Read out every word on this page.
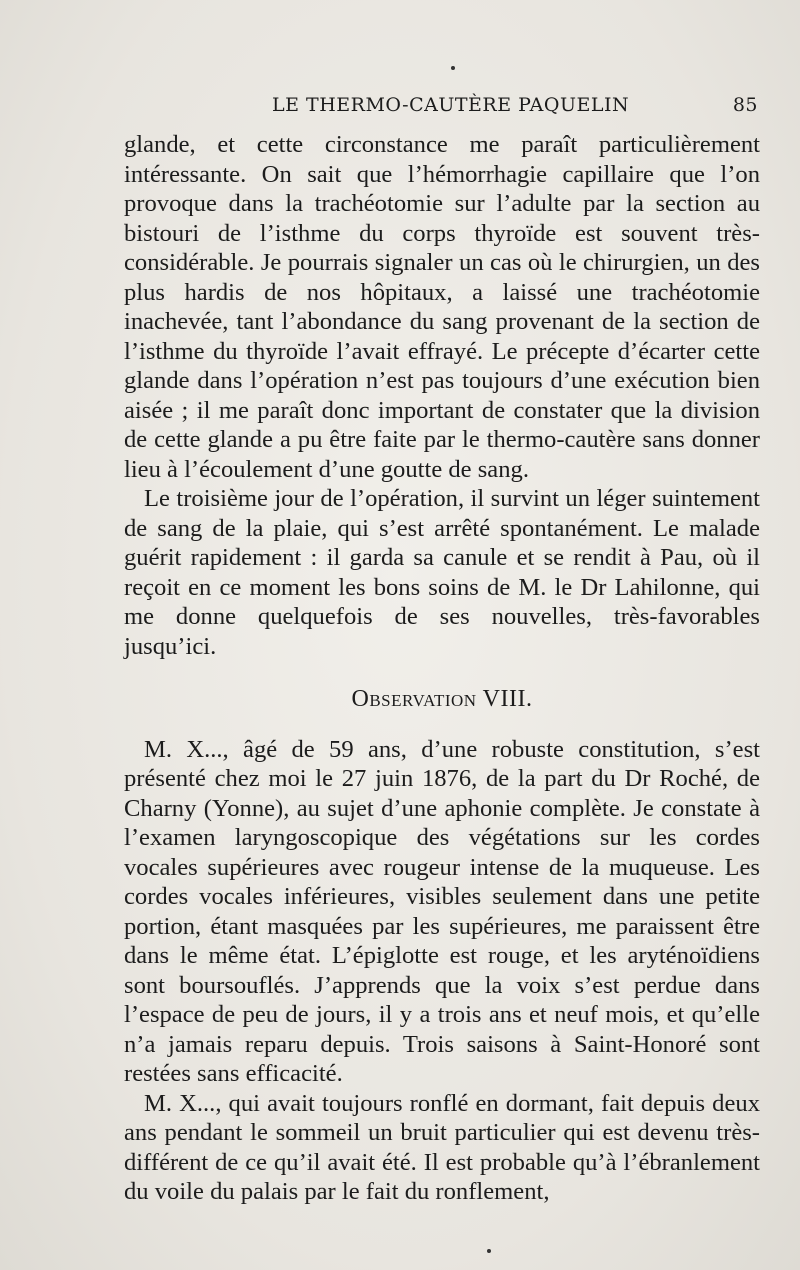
LE THERMO-CAUTÈRE PAQUELIN	85

glande, et cette circonstance me paraît particulièrement intéressante. On sait que l’hémorrhagie capillaire que l’on provoque dans la trachéotomie sur l’adulte par la section au bistouri de l’isthme du corps thyroïde est souvent très-considérable. Je pourrais signaler un cas où le chirurgien, un des plus hardis de nos hôpitaux, a laissé une trachéotomie inachevée, tant l’abondance du sang provenant de la section de l’isthme du thyroïde l’avait effrayé. Le précepte d’écarter cette glande dans l’opération n’est pas toujours d’une exécution bien aisée ; il me paraît donc important de constater que la division de cette glande a pu être faite par le thermo-cautère sans donner lieu à l’écoulement d’une goutte de sang.

Le troisième jour de l’opération, il survint un léger suintement de sang de la plaie, qui s’est arrêté spontanément. Le malade guérit rapidement : il garda sa canule et se rendit à Pau, où il reçoit en ce moment les bons soins de M. le Dr Lahilonne, qui me donne quelquefois de ses nouvelles, très-favorables jusqu’ici.

Observation VIII.

M. X..., âgé de 59 ans, d’une robuste constitution, s’est présenté chez moi le 27 juin 1876, de la part du Dr Roché, de Charny (Yonne), au sujet d’une aphonie complète. Je constate à l’examen laryngoscopique des végétations sur les cordes vocales supérieures avec rougeur intense de la muqueuse. Les cordes vocales inférieures, visibles seulement dans une petite portion, étant masquées par les supérieures, me paraissent être dans le même état. L’épiglotte est rouge, et les aryténoïdiens sont boursouflés. J’apprends que la voix s’est perdue dans l’espace de peu de jours, il y a trois ans et neuf mois, et qu’elle n’a jamais reparu depuis. Trois saisons à Saint-Honoré sont restées sans efficacité.

M. X..., qui avait toujours ronflé en dormant, fait depuis deux ans pendant le sommeil un bruit particulier qui est devenu très-différent de ce qu’il avait été. Il est probable qu’à l’ébranlement du voile du palais par le fait du ronflement,
